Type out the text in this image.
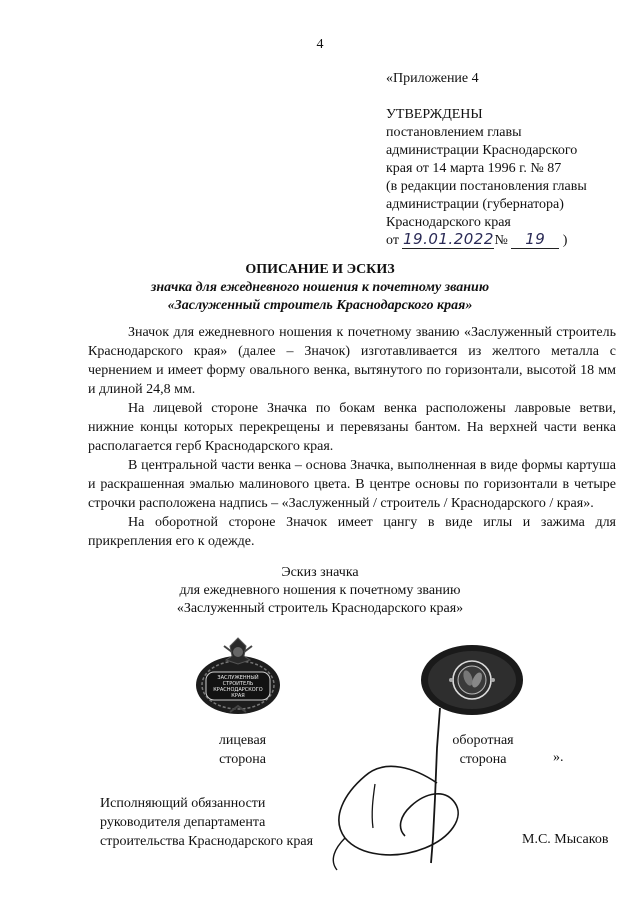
4
«Приложение 4
УТВЕРЖДЕНЫ
постановлением главы
администрации Краснодарского
края от 14 марта 1996 г. № 87
(в редакции постановления главы
администрации (губернатора)
Краснодарского края
от 19.01.2022№ 19 )
ОПИСАНИЕ И ЭСКИЗ
значка для ежедневного ношения к почетному званию
«Заслуженный строитель Краснодарского края»

Значок для ежедневного ношения к почетному званию «Заслуженный строитель Краснодарского края» (далее – Значок) изготавливается из желтого металла с чернением и имеет форму овального венка, вытянутого по горизонтали, высотой 18 мм и длиной 24,8 мм.

На лицевой стороне Значка по бокам венка расположены лавровые ветви, нижние концы которых перекрещены и перевязаны бантом. На верхней части венка располагается герб Краснодарского края.

В центральной части венка – основа Значка, выполненная в виде формы картуша и раскрашенная эмалью малинового цвета. В центре основы по горизонтали в четыре строчки расположена надпись – «Заслуженный / строитель / Краснодарского / края».

На оборотной стороне Значок имеет цангу в виде иглы и зажима для прикрепления его к одежде.

Эскиз значка
для ежедневного ношения к почетному званию
«Заслуженный строитель Краснодарского края»
ЗАСЛУЖЕННЫЙ
СТРОИТЕЛЬ
КРАСНОДАРСКОГО
КРАЯ
лицевая
сторона
оборотная
сторона	».
Исполняющий обязанности
руководителя департамента
строительства Краснодарского края	М.С. Мысаков
